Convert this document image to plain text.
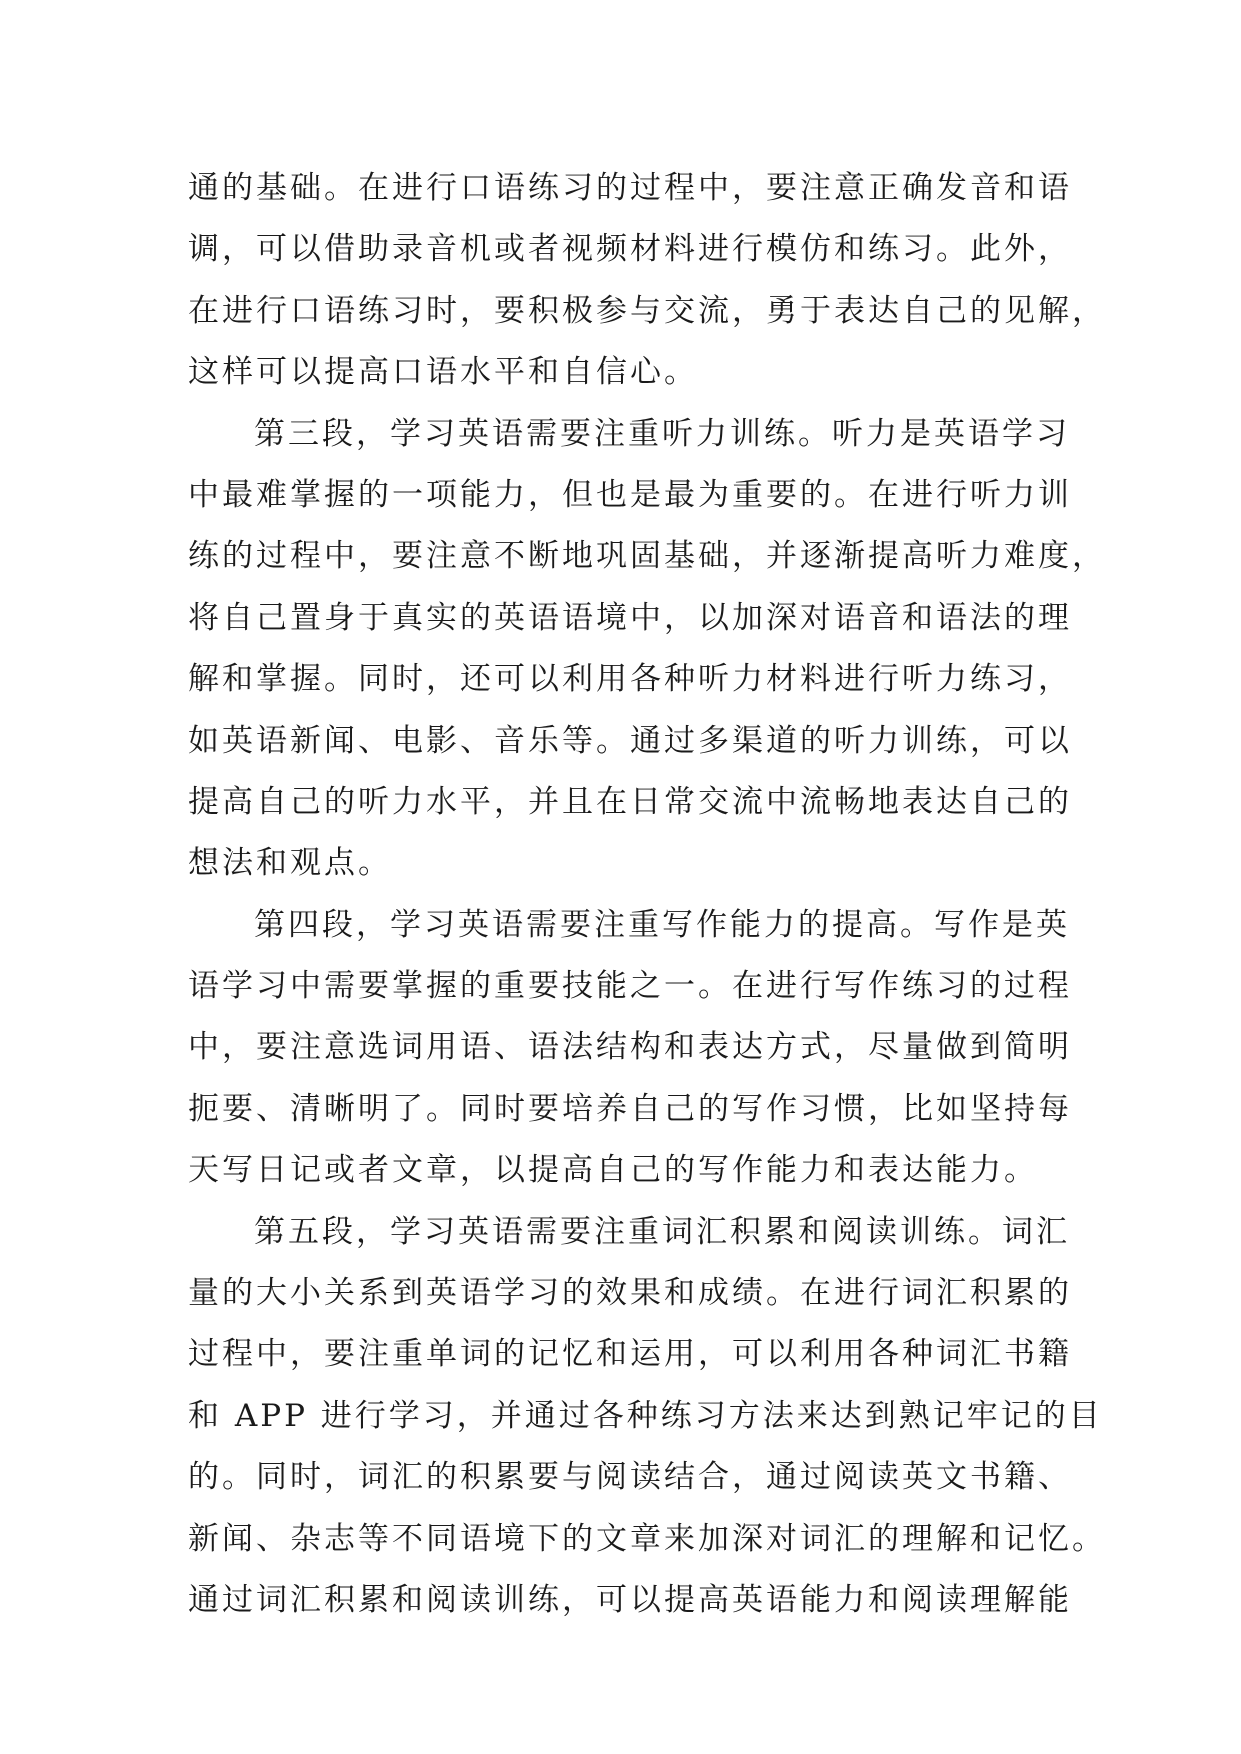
通的基础。在进行口语练习的过程中，要注意正确发音和语
调，可以借助录音机或者视频材料进行模仿和练习。此外，
在进行口语练习时，要积极参与交流，勇于表达自己的见解，
这样可以提高口语水平和自信心。
第三段，学习英语需要注重听力训练。听力是英语学习
中最难掌握的一项能力，但也是最为重要的。在进行听力训
练的过程中，要注意不断地巩固基础，并逐渐提高听力难度，
将自己置身于真实的英语语境中，以加深对语音和语法的理
解和掌握。同时，还可以利用各种听力材料进行听力练习，
如英语新闻、电影、音乐等。通过多渠道的听力训练，可以
提高自己的听力水平，并且在日常交流中流畅地表达自己的
想法和观点。
第四段，学习英语需要注重写作能力的提高。写作是英
语学习中需要掌握的重要技能之一。在进行写作练习的过程
中，要注意选词用语、语法结构和表达方式，尽量做到简明
扼要、清晰明了。同时要培养自己的写作习惯，比如坚持每
天写日记或者文章，以提高自己的写作能力和表达能力。
第五段，学习英语需要注重词汇积累和阅读训练。词汇
量的大小关系到英语学习的效果和成绩。在进行词汇积累的
过程中，要注重单词的记忆和运用，可以利用各种词汇书籍
和 APP 进行学习，并通过各种练习方法来达到熟记牢记的目
的。同时，词汇的积累要与阅读结合，通过阅读英文书籍、
新闻、杂志等不同语境下的文章来加深对词汇的理解和记忆。
通过词汇积累和阅读训练，可以提高英语能力和阅读理解能
